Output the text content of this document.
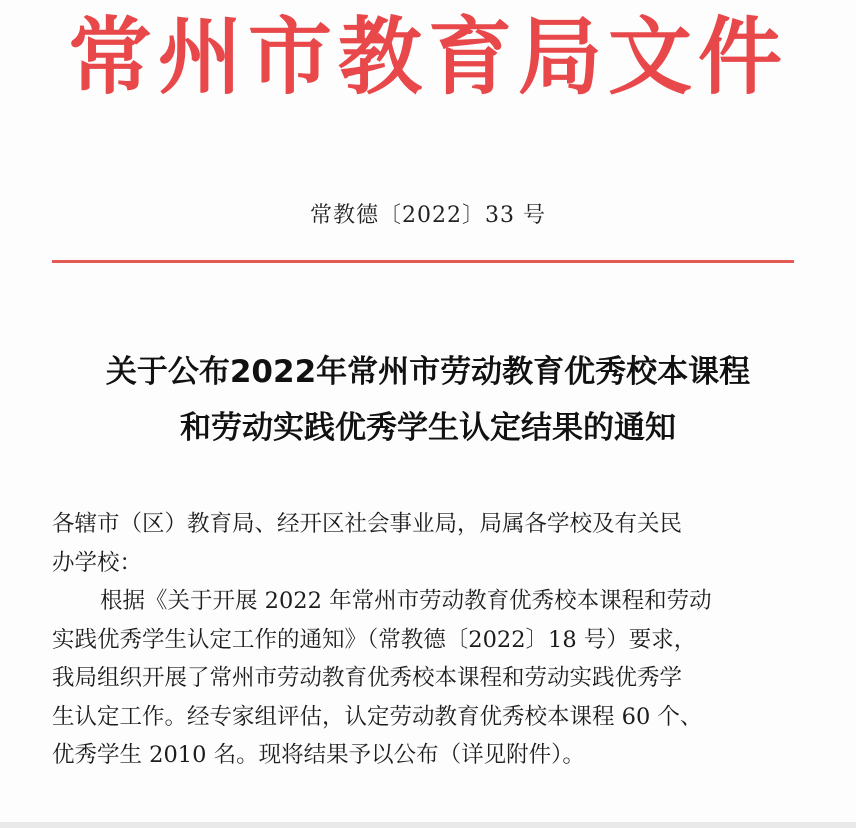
常州市教育局文件
常教德〔2022〕33 号
关于公布2022年常州市劳动教育优秀校本课程
和劳动实践优秀学生认定结果的通知
各辖市（区）教育局、经开区社会事业局，局属各学校及有关民
办学校：
根据《关于开展 2022 年常州市劳动教育优秀校本课程和劳动
实践优秀学生认定工作的通知》（常教德〔2022〕18 号）要求，
我局组织开展了常州市劳动教育优秀校本课程和劳动实践优秀学
生认定工作。经专家组评估，认定劳动教育优秀校本课程 60 个、
优秀学生 2010 名。现将结果予以公布（详见附件）。
